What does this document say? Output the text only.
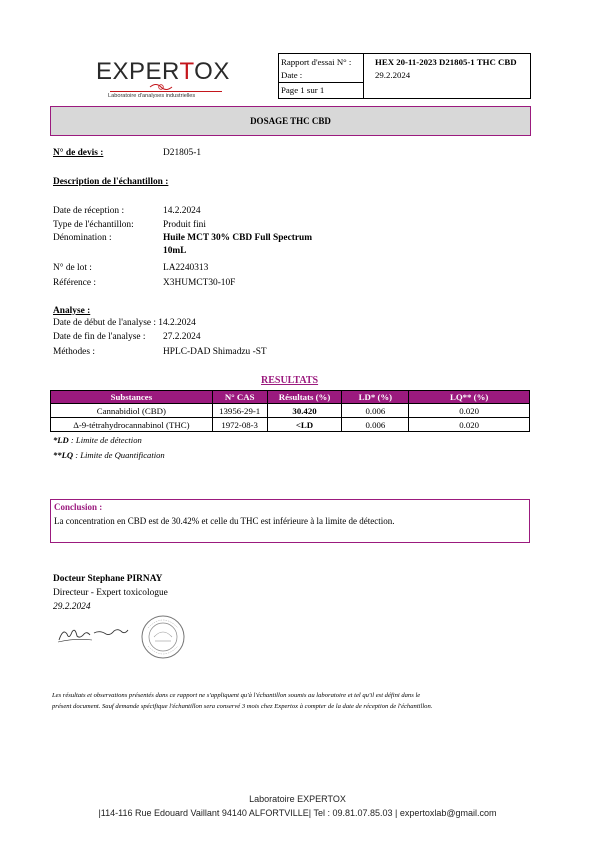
EXPERTOX
Laboratoire d'analyses industrielles
Rapport d'essai N° :	HEX 20-11-2023 D21805-1 THC CBD
Date :	29.2.2024
Page 1 sur 1
DOSAGE THC CBD
N° de devis :	D21805-1
Description de l'échantillon :
Date de réception :	14.2.2024
Type de l'échantillon:	Produit fini
Dénomination :	Huile MCT 30% CBD Full Spectrum
10mL
N° de lot :	LA2240313
Référence :	X3HUMCT30-10F
Analyse :
Date de début de l'analyse : 14.2.2024
Date de fin de l'analyse : 27.2.2024
Méthodes :	HPLC-DAD Shimadzu -ST
RESULTATS
Substances	N° CAS	Résultats (%)	LD* (%)	LQ** (%)
Cannabidiol (CBD)	13956-29-1	30.420	0.006	0.020
Δ-9-tétrahydrocannabinol (THC)	1972-08-3	<LD	0.006	0.020
*LD : Limite de détection
**LQ : Limite de Quantification
Conclusion :
La concentration en CBD est de 30.42% et celle du THC est inférieure à la limite de détection.
Docteur Stephane PIRNAY
Directeur - Expert toxicologue
29.2.2024
Les résultats et observations présentés dans ce rapport ne s'appliquent qu'à l'échantillon soumis au laboratoire et tel qu'il est défini dans le
présent document. Sauf demande spécifique l'échantillon sera conservé 3 mois chez Expertox à compter de la date de réception de l'échantillon.
Laboratoire EXPERTOX
|114-116 Rue Edouard Vaillant 94140 ALFORTVILLE| Tel : 09.81.07.85.03 | expertoxlab@gmail.com
